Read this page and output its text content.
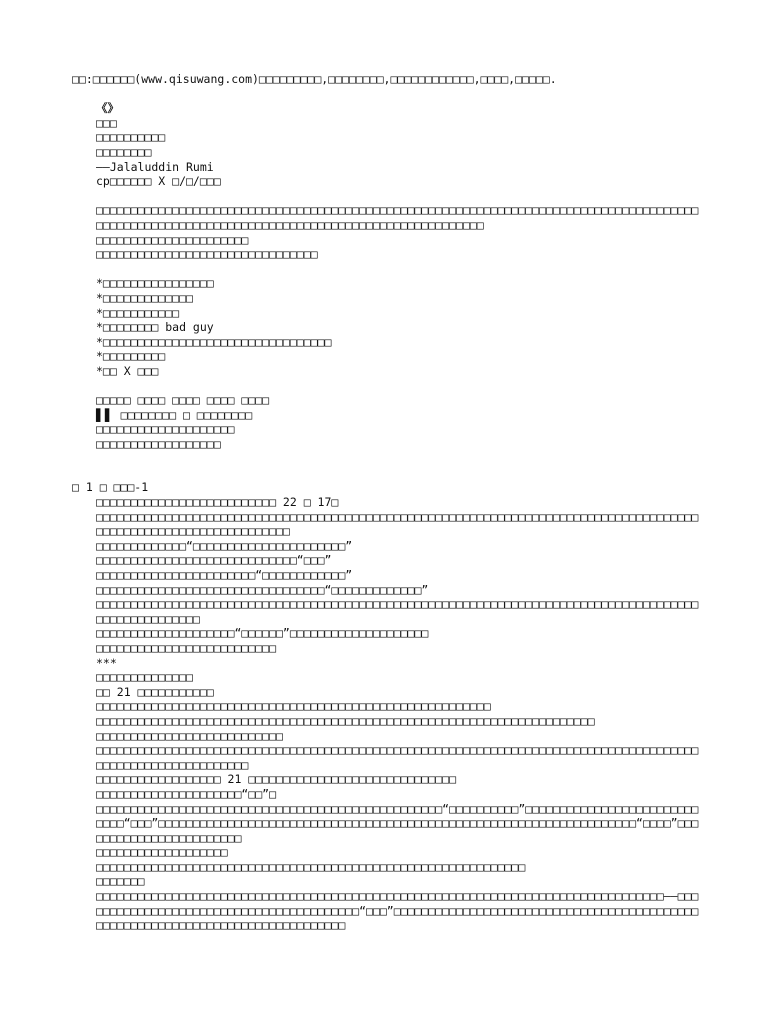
□□:□□□□□□(www.qisuwang.com)□□□□□□□□□,□□□□□□□□,□□□□□□□□□□□□,□□□□,□□□□□.
《》
□□□
□□□□□□□□□□
□□□□□□□□
——Jalaluddin Rumi
cp□□□□□□ X □/□/□□□
□□□□□□□□□□□□□□□□□□□□□□□□□□□□□□□□□□□□□□□□□□□□□□□□□□□□□□□□□□□□□□□□□□□□□□□□□□□□□□□□□□□□□□□□□□□□□□□□□□□□□□□□□□□□□□□□□□□□□□□□□□□□□□□□□□□□□□□□□□□□□□□
□□□□□□□□□□□□□□□□□□□□□□
□□□□□□□□□□□□□□□□□□□□□□□□□□□□□□□□
*□□□□□□□□□□□□□□□□
*□□□□□□□□□□□□□
*□□□□□□□□□□□
*□□□□□□□□ bad guy
*□□□□□□□□□□□□□□□□□□□□□□□□□□□□□□□□□
*□□□□□□□□□
*□□ X □□□
□□□□□ □□□□ □□□□ □□□□ □□□□
▌▌ □□□□□□□□ □ □□□□□□□□
□□□□□□□□□□□□□□□□□□□□
□□□□□□□□□□□□□□□□□□
□ 1 □ □□□-1
□□□□□□□□□□□□□□□□□□□□□□□□□□ 22 □ 17□
□□□□□□□□□□□□□□□□□□□□□□□□□□□□□□□□□□□□□□□□□□□□□□□□□□□□□□□□□□□□□□□□□□□□□□□□□□□□□□□□□□□□□□□□□□□□□□□□□□□□□□□□□□□□□□□□□□□
□□□□□□□□□□□□□“□□□□□□□□□□□□□□□□□□□□□□”
□□□□□□□□□□□□□□□□□□□□□□□□□□□□□“□□□”
□□□□□□□□□□□□□□□□□□□□□□□“□□□□□□□□□□□□”
□□□□□□□□□□□□□□□□□□□□□□□□□□□□□□□□□“□□□□□□□□□□□□□”
□□□□□□□□□□□□□□□□□□□□□□□□□□□□□□□□□□□□□□□□□□□□□□□□□□□□□□□□□□□□□□□□□□□□□□□□□□□□□□□□□□□□□□□□□□□□□□□□□□□□□□
□□□□□□□□□□□□□□□□□□□□“□□□□□□”□□□□□□□□□□□□□□□□□□□□
□□□□□□□□□□□□□□□□□□□□□□□□□□
***
□□□□□□□□□□□□□□
□□ 21 □□□□□□□□□□□
□□□□□□□□□□□□□□□□□□□□□□□□□□□□□□□□□□□□□□□□□□□□□□□□□□□□□□□□□
□□□□□□□□□□□□□□□□□□□□□□□□□□□□□□□□□□□□□□□□□□□□□□□□□□□□□□□□□□□□□□□□□□□□□□□□
□□□□□□□□□□□□□□□□□□□□□□□□□□□
□□□□□□□□□□□□□□□□□□□□□□□□□□□□□□□□□□□□□□□□□□□□□□□□□□□□□□□□□□□□□□□□□□□□□□□□□□□□□□□□□□□□□□□□□□□□□□□□□□□□□□□□□□□□□
□□□□□□□□□□□□□□□□□□ 21 □□□□□□□□□□□□□□□□□□□□□□□□□□□□□□
□□□□□□□□□□□□□□□□□□□□□“□□”□
□□□□□□□□□□□□□□□□□□□□□□□□□□□□□□□□□□□□□□□□□□□□□□□□□□“□□□□□□□□□□”□□□□□□□□□□□□□□□□□□□□□□□□□□□□□“□□□”□□□□□□□□□□□□□□□□□□□□□□□□□□□□□□□□□□□□□□□□□□□□□□□□□□□□□□□□□□□□□□□□□□□□□“□□□□”□□□□□□□□□□□□□□□□□□□□□□□□
□□□□□□□□□□□□□□□□□□□
□□□□□□□□□□□□□□□□□□□□□□□□□□□□□□□□□□□□□□□□□□□□□□□□□□□□□□□□□□□□□□
□□□□□□□
□□□□□□□□□□□□□□□□□□□□□□□□□□□□□□□□□□□□□□□□□□□□□□□□□□□□□□□□□□□□□□□□□□□□□□□□□□□□□□□□□□——□□□□□□□□□□□□□□□□□□□□□□□□□□□□□□□□□□□□□□□□□“□□□”□□□□□□□□□□□□□□□□□□□□□□□□□□□□□□□□□□□□□□□□□□□□□□□□□□□□□□□□□□□□□□□□□□□□□□□□□□□□□□□□
